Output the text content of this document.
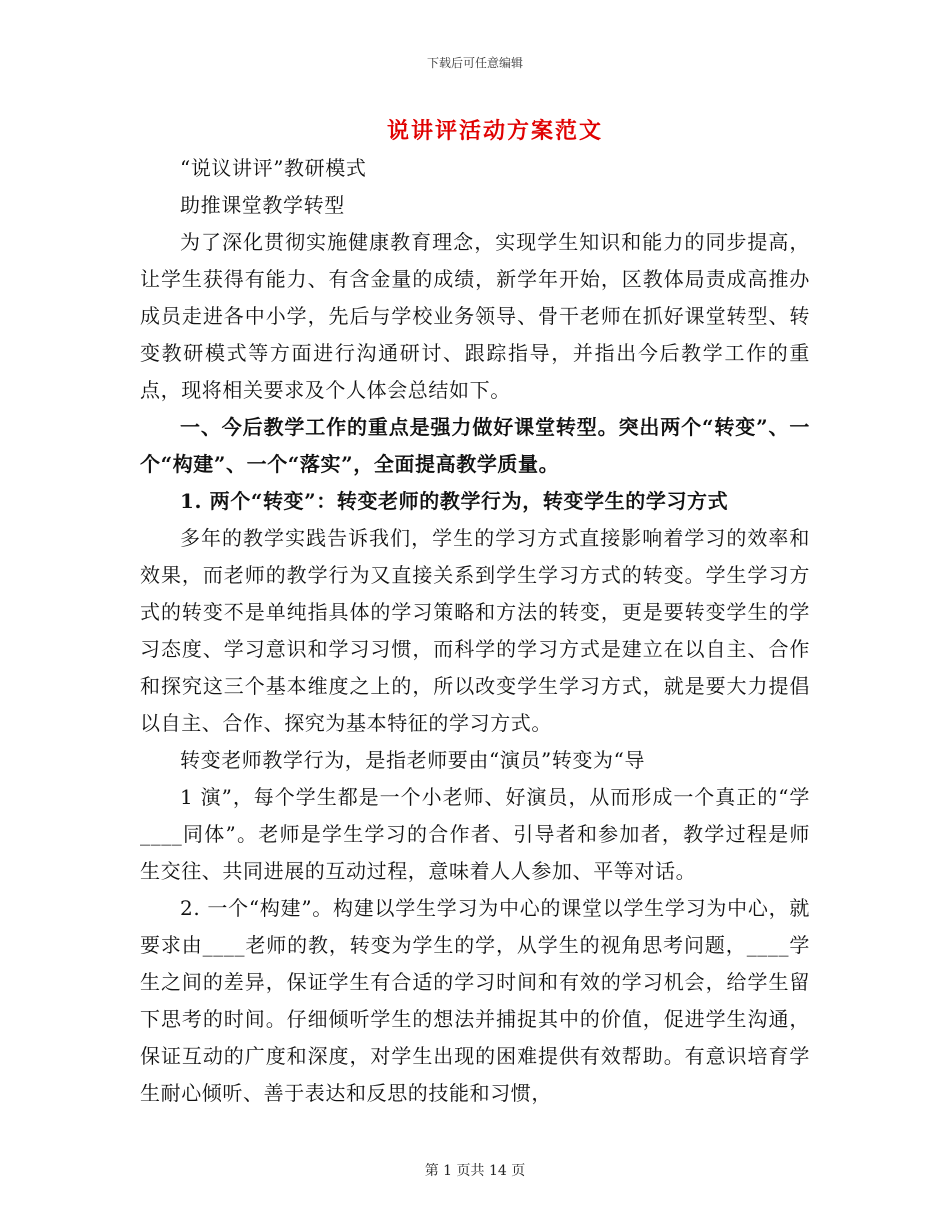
下载后可任意编辑
说讲评活动方案范文

“说议讲评”教研模式

助推课堂教学转型

为了深化贯彻实施健康教育理念，实现学生知识和能力的同步提高，让学生获得有能力、有含金量的成绩，新学年开始，区教体局责成高推办成员走进各中小学，先后与学校业务领导、骨干老师在抓好课堂转型、转变教研模式等方面进行沟通研讨、跟踪指导，并指出今后教学工作的重点，现将相关要求及个人体会总结如下。

一、今后教学工作的重点是强力做好课堂转型。突出两个“转变”、一个“构建”、一个“落实”，全面提高教学质量。

1. 两个“转变”：转变老师的教学行为，转变学生的学习方式

多年的教学实践告诉我们，学生的学习方式直接影响着学习的效率和效果，而老师的教学行为又直接关系到学生学习方式的转变。学生学习方式的转变不是单纯指具体的学习策略和方法的转变，更是要转变学生的学习态度、学习意识和学习习惯，而科学的学习方式是建立在以自主、合作和探究这三个基本维度之上的，所以改变学生学习方式，就是要大力提倡以自主、合作、探究为基本特征的学习方式。

转变老师教学行为，是指老师要由“演员”转变为“导

1 演”，每个学生都是一个小老师、好演员，从而形成一个真正的“学____同体”。老师是学生学习的合作者、引导者和参加者，教学过程是师生交往、共同进展的互动过程，意味着人人参加、平等对话。

2. 一个“构建”。构建以学生学习为中心的课堂以学生学习为中心，就要求由____老师的教，转变为学生的学，从学生的视角思考问题，____学生之间的差异，保证学生有合适的学习时间和有效的学习机会，给学生留下思考的时间。仔细倾听学生的想法并捕捉其中的价值，促进学生沟通，保证互动的广度和深度，对学生出现的困难提供有效帮助。有意识培育学生耐心倾听、善于表达和反思的技能和习惯，

第 1 页共 14 页
